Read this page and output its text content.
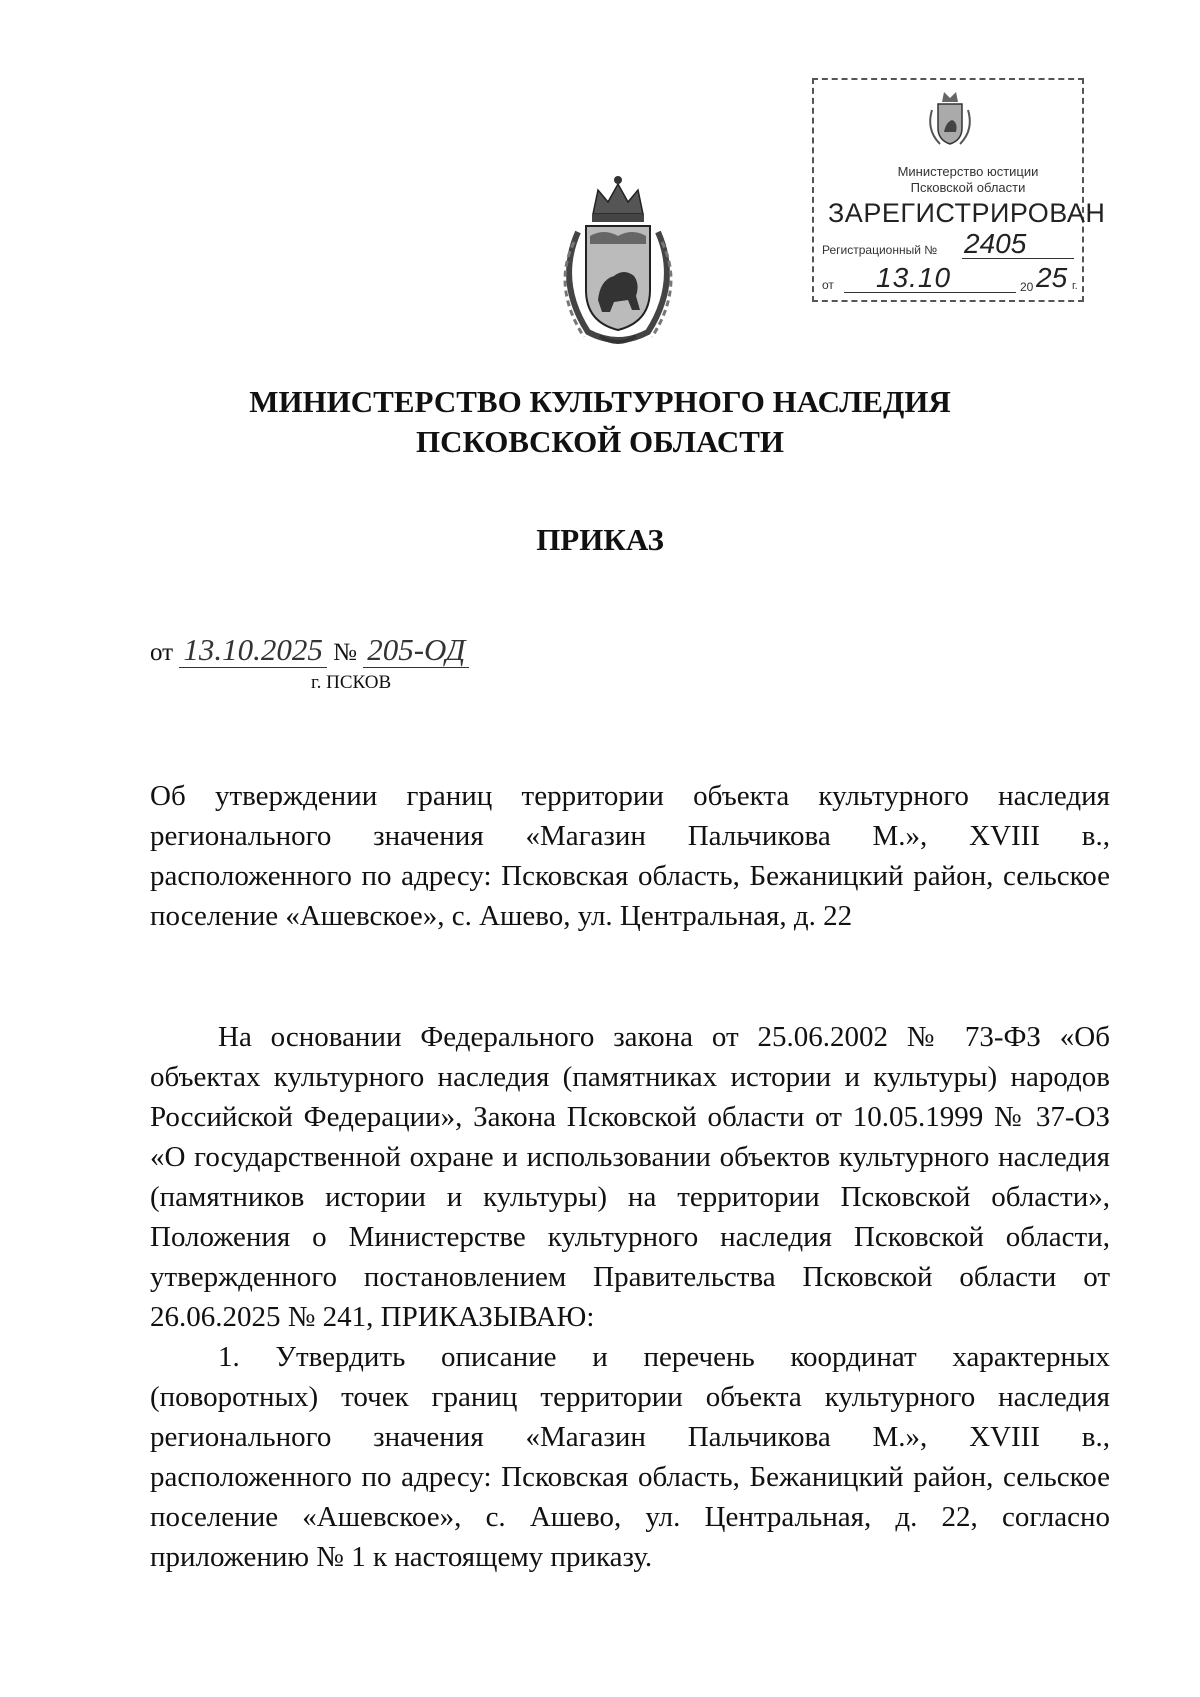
Министерство юстиции
Псковской области
ЗАРЕГИСТРИРОВАН
Регистрационный № 2405
от 13.10	20 25 г.
МИНИСТЕРСТВО КУЛЬТУРНОГО НАСЛЕДИЯ
ПСКОВСКОЙ ОБЛАСТИ
ПРИКАЗ
от 13.10.2025 № 205-ОД
г. ПСКОВ
Об утверждении границ территории объекта культурного наследия регионального значения «Магазин Пальчикова М.», XVIII в., расположенного по адресу: Псковская область, Бежаницкий район, сельское поселение «Ашевское», с. Ашево, ул. Центральная, д. 22
На основании Федерального закона от 25.06.2002 № 73-ФЗ «Об объектах культурного наследия (памятниках истории и культуры) народов Российской Федерации», Закона Псковской области от 10.05.1999 № 37-ОЗ «О государственной охране и использовании объектов культурного наследия (памятников истории и культуры) на территории Псковской области», Положения о Министерстве культурного наследия Псковской области, утвержденного постановлением Правительства Псковской области от 26.06.2025 № 241, ПРИКАЗЫВАЮ:
1. Утвердить описание и перечень координат характерных (поворотных) точек границ территории объекта культурного наследия регионального значения «Магазин Пальчикова М.», XVIII в., расположенного по адресу: Псковская область, Бежаницкий район, сельское поселение «Ашевское», с. Ашево, ул. Центральная, д. 22, согласно приложению № 1 к настоящему приказу.
